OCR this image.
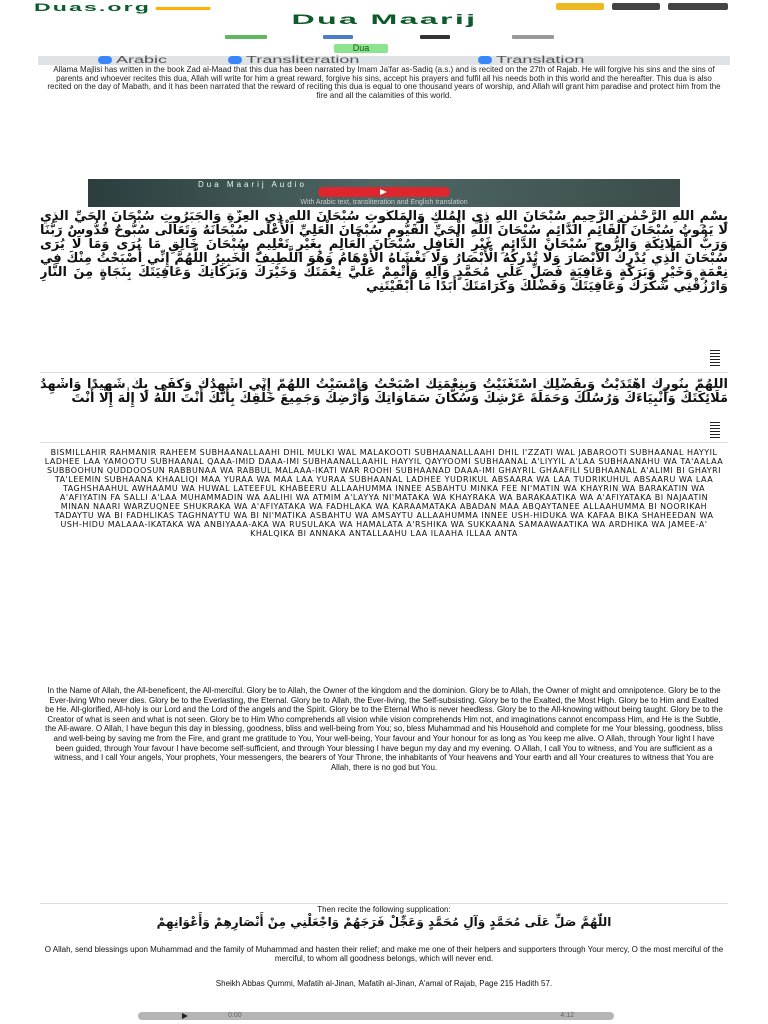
Duas.org
Dua Maarij
Dua
Arabic	Transliteration	Translation
Allama Majlisi has written in the book Zad al-Maad that this dua has been narrated by Imam Ja'far as-Sadiq (a.s.) and is recited on the 27th of Rajab. He will forgive his sins and the sins of parents and whoever recites this dua, Allah will write for him a great reward, forgive his sins, accept his prayers and fulfil all his needs both in this world and the hereafter. This dua is also recited on the day of Mabath, and it has been narrated that the reward of reciting this dua is equal to one thousand years of worship, and Allah will grant him paradise and protect him from the fire and all the calamities of this world.
Dua Maarij Audio
With Arabic text, transliteration and English translation
بِسْمِ اللّٰهِ الرَّحْمٰنِ الرَّحِيمِ سُبْحَانَ اللّٰهِ ذِي الْمُلْكِ وَالْمَلَكُوتِ سُبْحَانَ اللّٰهِ ذِي الْعِزَّةِ وَالْجَبَرُوتِ سُبْحَانَ الْحَيِّ الَّذِي لَا يَمُوتُ سُبْحَانَ الْقَائِمِ الدَّائِمِ سُبْحَانَ اللّٰهِ الْحَيِّ الْقَيُّومِ سُبْحَانَ الْعَلِيِّ الْأَعْلَى سُبْحَانَهُ وَتَعَالَى سُبُّوحٌ قُدُّوسٌ رَبُّنَا وَرَبُّ الْمَلَائِكَةِ وَالرُّوحِ سُبْحَانَ الدَّائِمِ غَيْرِ الْغَافِلِ سُبْحَانَ الْعَالِمِ بِغَيْرِ تَعْلِيمٍ سُبْحَانَ خَالِقِ مَا يُرَى وَمَا لَا يُرَى سُبْحَانَ الَّذِي يُدْرِكُ الْأَبْصَارَ وَلَا تُدْرِكُهُ الْأَبْصَارُ وَلَا تَغْشَاهُ الْأَوْهَامُ وَهُوَ اللَّطِيفُ الْخَبِيرُ اللّٰهُمَّ إِنِّي أَصْبَحْتُ مِنْكَ فِي نِعْمَةٍ وَخَيْرٍ وَبَرَكَةٍ وَعَافِيَةٍ فَصَلِّ عَلَى مُحَمَّدٍ وَآلِهِ وَأَتْمِمْ عَلَيَّ نِعْمَتَكَ وَخَيْرَكَ وَبَرَكَاتِكَ وَعَافِيَتَكَ بِنَجَاةٍ مِنَ النَّارِ وَارْزُقْنِي شُكْرَكَ وَعَافِيَتَكَ وَفَضْلَكَ وَكَرَامَتَكَ أَبَدًا مَا أَبْقَيْتَنِي
اللّٰهُمَّ بِنُورِكَ اهْتَدَيْتُ وَبِفَضْلِكَ اسْتَغْنَيْتُ وَبِنِعْمَتِكَ أَصْبَحْتُ وَأَمْسَيْتُ اللّٰهُمَّ إِنِّي أُشْهِدُكَ وَكَفَى بِكَ شَهِيدًا وَأُشْهِدُ مَلَائِكَتَكَ وَأَنْبِيَاءَكَ وَرُسُلَكَ وَحَمَلَةَ عَرْشِكَ وَسُكَّانَ سَمَاوَاتِكَ وَأَرْضِكَ وَجَمِيعَ خَلْقِكَ بِأَنَّكَ أَنْتَ اللّٰهُ لَا إِلٰهَ إِلَّا أَنْتَ
BISMILLAHIR RAHMANIR RAHEEM SUBHAANALLAAHI DHIL MULKI WAL MALAKOOTI SUBHAANALLAAHI DHIL I'ZZATI WAL JABAROOTI SUBHAANAL HAYYIL LADHEE LAA YAMOOTU SUBHAANAL QAAA-IMID DAAA-IMI SUBHAANALLAAHIL HAYYIL QAYYOOMI SUBHAANAL A'LIYYIL A'LAA SUBHAANAHU WA TA'AALAA SUBBOOHUN QUDDOOSUN RABBUNAA WA RABBUL MALAAA-IKATI WAR ROOHI SUBHAANAD DAAA-IMI GHAYRIL GHAAFILI SUBHAANAL A'ALIMI BI GHAYRI TA'LEEMIN SUBHAANA KHAALIQI MAA YURAA WA MAA LAA YURAA SUBHAANAL LADHEE YUDRIKUL ABSAARA WA LAA TUDRIKUHUL ABSAARU WA LAA TAGHSHAAHUL AWHAAMU WA HUWAL LATEEFUL KHABEERU ALLAAHUMMA INNEE ASBAHTU MINKA FEE NI'MATIN WA KHAYRIN WA BARAKATIN WA A'AFIYATIN FA SALLI A'LAA MUHAMMADIN WA AALIHI WA ATMIM A'LAYYA NI'MATAKA WA KHAYRAKA WA BARAKAATIKA WA A'AFIYATAKA BI NAJAATIN MINAN NAARI WARZUQNEE SHUKRAKA WA A'AFIYATAKA WA FADHLAKA WA KARAAMATAKA ABADAN MAA ABQAYTANEE ALLAAHUMMA BI NOORIKAH TADAYTU WA BI FADHLIKAS TAGHNAYTU WA BI NI'MATIKA ASBAHTU WA AMSAYTU ALLAAHUMMA INNEE USH-HIDUKA WA KAFAA BIKA SHAHEEDAN WA USH-HIDU MALAAA-IKATAKA WA ANBIYAAA-AKA WA RUSULAKA WA HAMALATA A'RSHIKA WA SUKKAANA SAMAAWAATIKA WA ARDHIKA WA JAMEE-A' KHALQIKA BI ANNAKA ANTALLAAHU LAA ILAAHA ILLAA ANTA
In the Name of Allah, the All-beneficent, the All-merciful. Glory be to Allah, the Owner of the kingdom and the dominion. Glory be to Allah, the Owner of might and omnipotence. Glory be to the Ever-living Who never dies. Glory be to the Everlasting, the Eternal. Glory be to Allah, the Ever-living, the Self-subsisting. Glory be to the Exalted, the Most High. Glory be to Him and Exalted be He. All-glorified, All-holy is our Lord and the Lord of the angels and the Spirit. Glory be to the Eternal Who is never heedless. Glory be to the All-knowing without being taught. Glory be to the Creator of what is seen and what is not seen. Glory be to Him Who comprehends all vision while vision comprehends Him not, and imaginations cannot encompass Him, and He is the Subtle, the All-aware. O Allah, I have begun this day in blessing, goodness, bliss and well-being from You; so, bless Muhammad and his Household and complete for me Your blessing, goodness, bliss and well-being by saving me from the Fire, and grant me gratitude to You, Your well-being, Your favour and Your honour for as long as You keep me alive. O Allah, through Your light I have been guided, through Your favour I have become self-sufficient, and through Your blessing I have begun my day and my evening. O Allah, I call You to witness, and You are sufficient as a witness, and I call Your angels, Your prophets, Your messengers, the bearers of Your Throne, the inhabitants of Your heavens and Your earth and all Your creatures to witness that You are Allah, there is no god but You.
Then recite the following supplication:
اللّٰهُمَّ صَلِّ عَلَى مُحَمَّدٍ وَآلِ مُحَمَّدٍ وَعَجِّلْ فَرَجَهُمْ وَاجْعَلْنِي مِنْ أَنْصَارِهِمْ وَأَعْوَانِهِمْ
O Allah, send blessings upon Muhammad and the family of Muhammad and hasten their relief; and make me one of their helpers and supporters through Your mercy, O the most merciful of the merciful, to whom all goodness belongs, which will never end.
Sheikh Abbas Qummi, Mafatih al-Jinan, Mafatih al-Jinan, A'amal of Rajab, Page 215 Hadith 57.
0:00	4:12
